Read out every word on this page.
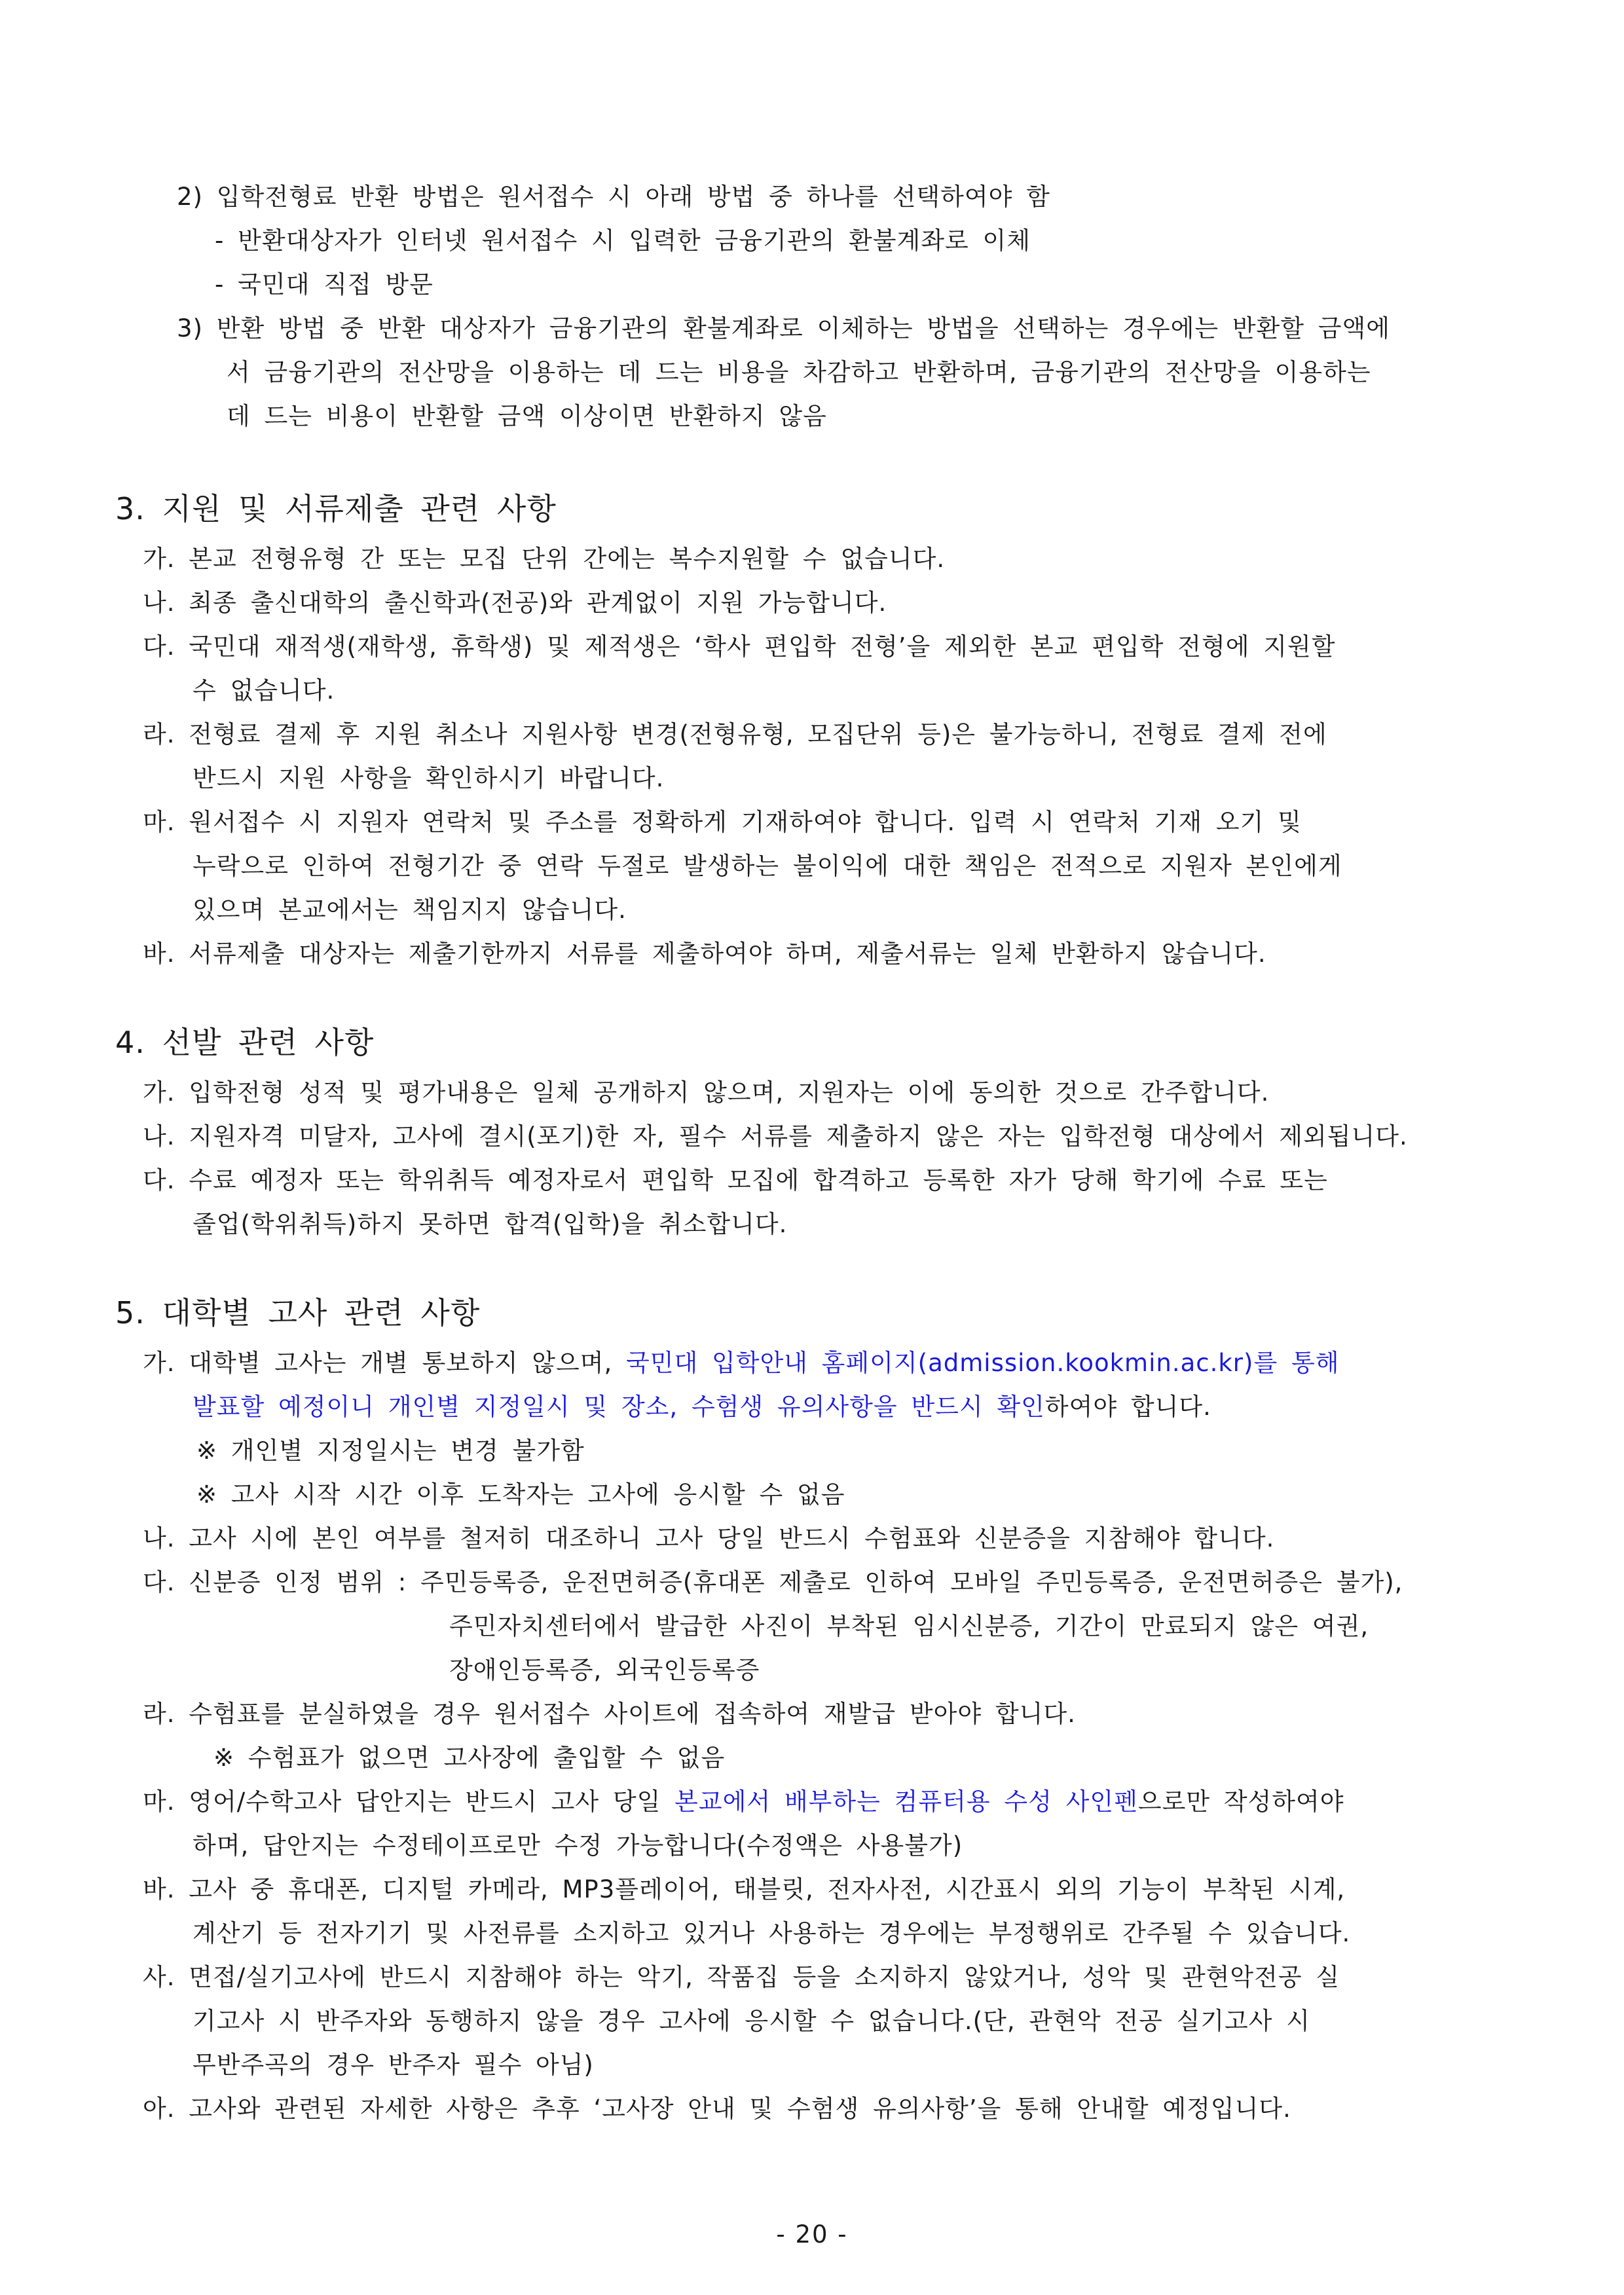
2) 입학전형료 반환 방법은 원서접수 시 아래 방법 중 하나를 선택하여야 함
- 반환대상자가 인터넷 원서접수 시 입력한 금융기관의 환불계좌로 이체
- 국민대 직접 방문
3) 반환 방법 중 반환 대상자가 금융기관의 환불계좌로 이체하는 방법을 선택하는 경우에는 반환할 금액에
서 금융기관의 전산망을 이용하는 데 드는 비용을 차감하고 반환하며, 금융기관의 전산망을 이용하는
데 드는 비용이 반환할 금액 이상이면 반환하지 않음
3. 지원 및 서류제출 관련 사항
가. 본교 전형유형 간 또는 모집 단위 간에는 복수지원할 수 없습니다.
나. 최종 출신대학의 출신학과(전공)와 관계없이 지원 가능합니다.
다. 국민대 재적생(재학생, 휴학생) 및 제적생은 ‘학사 편입학 전형’을 제외한 본교 편입학 전형에 지원할
수 없습니다.
라. 전형료 결제 후 지원 취소나 지원사항 변경(전형유형, 모집단위 등)은 불가능하니, 전형료 결제 전에
반드시 지원 사항을 확인하시기 바랍니다.
마. 원서접수 시 지원자 연락처 및 주소를 정확하게 기재하여야 합니다. 입력 시 연락처 기재 오기 및
누락으로 인하여 전형기간 중 연락 두절로 발생하는 불이익에 대한 책임은 전적으로 지원자 본인에게
있으며 본교에서는 책임지지 않습니다.
바. 서류제출 대상자는 제출기한까지 서류를 제출하여야 하며, 제출서류는 일체 반환하지 않습니다.
4. 선발 관련 사항
가. 입학전형 성적 및 평가내용은 일체 공개하지 않으며, 지원자는 이에 동의한 것으로 간주합니다.
나. 지원자격 미달자, 고사에 결시(포기)한 자, 필수 서류를 제출하지 않은 자는 입학전형 대상에서 제외됩니다.
다. 수료 예정자 또는 학위취득 예정자로서 편입학 모집에 합격하고 등록한 자가 당해 학기에 수료 또는
졸업(학위취득)하지 못하면 합격(입학)을 취소합니다.
5. 대학별 고사 관련 사항
가. 대학별 고사는 개별 통보하지 않으며, 국민대 입학안내 홈페이지(admission.kookmin.ac.kr)를 통해
발표할 예정이니 개인별 지정일시 및 장소, 수험생 유의사항을 반드시 확인하여야 합니다.
※ 개인별 지정일시는 변경 불가함
※ 고사 시작 시간 이후 도착자는 고사에 응시할 수 없음
나. 고사 시에 본인 여부를 철저히 대조하니 고사 당일 반드시 수험표와 신분증을 지참해야 합니다.
다. 신분증 인정 범위 : 주민등록증, 운전면허증(휴대폰 제출로 인하여 모바일 주민등록증, 운전면허증은 불가),
주민자치센터에서 발급한 사진이 부착된 임시신분증, 기간이 만료되지 않은 여권,
장애인등록증, 외국인등록증
라. 수험표를 분실하였을 경우 원서접수 사이트에 접속하여 재발급 받아야 합니다.
※ 수험표가 없으면 고사장에 출입할 수 없음
마. 영어/수학고사 답안지는 반드시 고사 당일 본교에서 배부하는 컴퓨터용 수성 사인펜으로만 작성하여야
하며, 답안지는 수정테이프로만 수정 가능합니다(수정액은 사용불가)
바. 고사 중 휴대폰, 디지털 카메라, MP3플레이어, 태블릿, 전자사전, 시간표시 외의 기능이 부착된 시계,
계산기 등 전자기기 및 사전류를 소지하고 있거나 사용하는 경우에는 부정행위로 간주될 수 있습니다.
사. 면접/실기고사에 반드시 지참해야 하는 악기, 작품집 등을 소지하지 않았거나, 성악 및 관현악전공 실
기고사 시 반주자와 동행하지 않을 경우 고사에 응시할 수 없습니다.(단, 관현악 전공 실기고사 시
무반주곡의 경우 반주자 필수 아님)
아. 고사와 관련된 자세한 사항은 추후 ‘고사장 안내 및 수험생 유의사항’을 통해 안내할 예정입니다.
- 20 -
